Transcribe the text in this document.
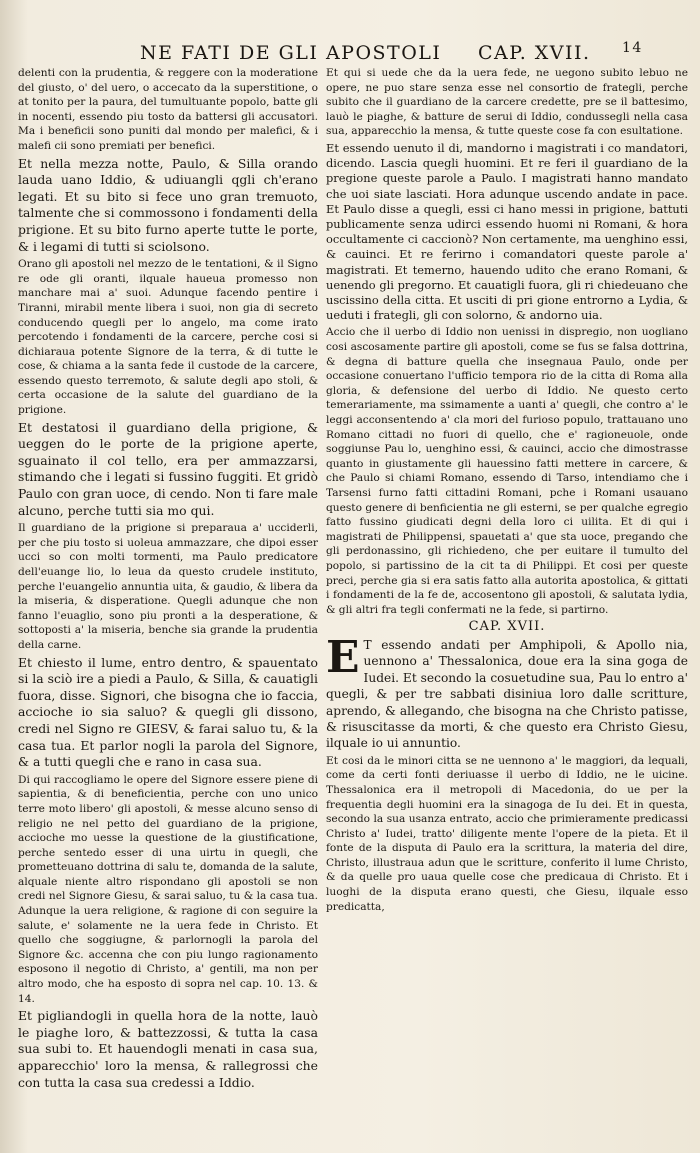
NE FATI DE GLI APOSTOLI CAP. XVII. 14

delenti con la prudentia, & reggere con la moderatione del giusto, o' del uero, o accecato da la superstitione, o at tonito per la paura, del tumultuante popolo, batte gli in nocenti, essendo piu tosto da battersi gli accusatori. Ma i beneficii sono puniti dal mondo per malefici, & i malefi cii sono premiati per benefici.

Et nella mezza notte, Paulo, & Silla orando lauda uano Iddio, & udiuangli qgli ch'erano legati. Et su bito si fece uno gran tremuoto, talmente che si commossono i fondamenti della prigione. Et su bito furno aperte tutte le porte, & i legami di tutti si sciolsono.

Orano gli apostoli nel mezzo de le tentationi, & il Signo re ode gli oranti, ilquale haueua promesso non manchare mai a' suoi. Adunque facendo pentire i Tiranni, mirabil mente libera i suoi, non gia di secreto conducendo quegli per lo angelo, ma come irato percotendo i fondamenti de la carcere, perche cosi si dichiaraua potente Signore de la terra, & di tutte le cose, & chiama a la santa fede il custode de la carcere, essendo questo terremoto, & salute degli apo stoli, & certa occasione de la salute del guardiano de la prigione.

Et destatosi il guardiano della prigione, & ueggen do le porte de la prigione aperte, sguainato il col tello, era per ammazzarsi, stimando che i legati si fussino fuggiti. Et gridò Paulo con gran uoce, di cendo. Non ti fare male alcuno, perche tutti sia mo qui.

Il guardiano de la prigione si preparaua a' ucciderli, per che piu tosto si uoleua ammazzare, che dipoi esser ucci so con molti tormenti, ma Paulo predicatore dell'euange lio, lo leua da questo crudele instituto, perche l'euangelio annuntia uita, & gaudio, & libera da la miseria, & disperatione. Quegli adunque che non fanno l'euaglio, sono piu pronti a la desperatione, & sottoposti a' la miseria, benche sia grande la prudentia della carne.

Et chiesto il lume, entro dentro, & spauentato si la sciò ire a piedi a Paulo, & Silla, & cauatigli fuora, disse. Signori, che bisogna che io faccia, accioche io sia saluo? & quegli gli dissono, credi nel Signo re GIESV, & farai saluo tu, & la casa tua. Et parlor nogli la parola del Signore, & a tutti quegli che e rano in casa sua.

Di qui raccogliamo le opere del Signore essere piene di sapientia, & di beneficientia, perche con uno unico terre moto libero' gli apostoli, & messe alcuno senso di religio ne nel petto del guardiano de la prigione, accioche mo uesse la questione de la giustificatione, perche sentedo esser di una uirtu in quegli, che prometteuano dottrina di salu te, domanda de la salute, alquale niente altro rispondano gli apostoli se non credi nel Signore Giesu, & sarai saluo, tu & la casa tua. Adunque la uera religione, & ragione di con seguire la salute, e' solamente ne la uera fede in Christo. Et quello che soggiugne, & parlornogli la parola del Signore &c. accenna che con piu lungo ragionamento esposono il negotio di Christo, a' gentili, ma non per altro modo, che ha esposto di sopra nel cap. 10. 13. & 14.

Et pigliandogli in quella hora de la notte, lauò le piaghe loro, & battezzossi, & tutta la casa sua subi to. Et hauendogli menati in casa sua, apparecchio' loro la mensa, & rallegrossi che con tutta la casa sua credessi a Iddio.

Et qui si uede che da la uera fede, ne uegono subito lebuo ne opere, ne puo stare senza esse nel consortio de frategli, perche subito che il guardiano de la carcere credette, pre se il battesimo, lauò le piaghe, & batture de serui di Iddio, condussegli nella casa sua, apparecchio la mensa, & tutte queste cose fa con esultatione.

Et essendo uenuto il di, mandorno i magistrati i co mandatori, dicendo. Lascia quegli huomini. Et re feri il guardiano de la pregione queste parole a Paulo. I magistrati hanno mandato che uoi siate lasciati. Hora adunque uscendo andate in pace. Et Paulo disse a quegli, essi ci hano messi in prigione, battuti publicamente senza udirci essendo huomi ni Romani, & hora occultamente ci caccionò? Non certamente, ma uenghino essi, & cauinci. Et re ferirno i comandatori queste parole a' magistrati. Et temerno, hauendo udito che erano Romani, & uenendo gli pregorno. Et cauatigli fuora, gli ri chiedeuano che uscissino della citta. Et usciti di pri gione entrorno a Lydia, & ueduti i frategli, gli con solorno, & andorno uia.

Accio che il uerbo di Iddio non uenissi in dispregio, non uogliano cosi ascosamente partire gli apostoli, come se fus se falsa dottrina, & degna di batture quella che insegnaua Paulo, onde per occasione conuertano l'ufficio tempora rio de la citta di Roma alla gloria, & defensione del uerbo di Iddio. Ne questo certo temerariamente, ma ssimamente a uanti a' quegli, che contro a' le leggi acconsentendo a' cla mori del furioso populo, trattauano uno Romano cittadi no fuori di quello, che e' ragioneuole, onde soggiunse Pau lo, uenghino essi, & cauinci, accio che dimostrasse quanto in giustamente gli hauessino fatti mettere in carcere, & che Paulo si chiami Romano, essendo di Tarso, intendiamo che i Tarsensi furno fatti cittadini Romani, pche i Romani usauano questo genere di benficientia ne gli esterni, se per qualche egregio fatto fussino giudicati degni della loro ci uilita. Et di qui i magistrati de Philippensi, spauetati a' que sta uoce, pregando che gli perdonassino, gli richiedeno, che per euitare il tumulto del popolo, si partissino de la cit ta di Philippi. Et cosi per queste preci, perche gia si era satis fatto alla autorita apostolica, & gittati i fondamenti de la fe de, accosentono gli apostoli, & salutata lydia, & gli altri fra tegli confermati ne la fede, si partirno.

CAP. XVII.

E T essendo andati per Amphipoli, & Apollo nia, uennono a' Thessalonica, doue era la sina goga de Iudei. Et secondo la cosuetudine sua, Pau lo entro a' quegli, & per tre sabbati disiniua loro dalle scritture, aprendo, & allegando, che bisogna na che Christo patisse, & risuscitasse da morti, & che questo era Christo Giesu, ilquale io ui annuntio.

Et cosi da le minori citta se ne uennono a' le maggiori, da lequali, come da certi fonti deriuasse il uerbo di Iddio, ne le uicine. Thessalonica era il metropoli di Macedonia, do ue per la frequentia degli huomini era la sinagoga de Iu dei. Et in questa, secondo la sua usanza entrato, accio che primieramente predicassi Christo a' Iudei, tratto' diligente mente l'opere de la pieta. Et il fonte de la disputa di Paulo era la scrittura, la materia del dire, Christo, illustraua adun que le scritture, conferito il lume Christo, & da quelle pro uaua quelle cose che predicaua di Christo. Et i luoghi de la disputa erano questi, che Giesu, ilquale esso predicatta,
